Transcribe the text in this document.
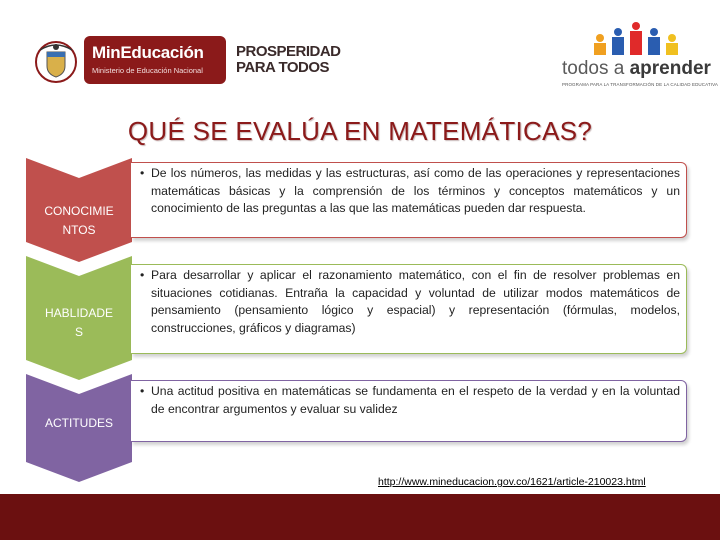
MinEducación
Ministerio de Educación Nacional
PROSPERIDAD
PARA TODOS	todos a aprender
PROGRAMA PARA LA TRANSFORMACIÓN DE LA CALIDAD EDUCATIVA
QUÉ SE EVALÚA EN MATEMÁTICAS?
CONOCIMIE
NTOS
• De los números, las medidas y las estructuras, así como de las operaciones y representaciones matemáticas básicas y la comprensión de los términos y conceptos matemáticos y un conocimiento de las preguntas a las que las matemáticas pueden dar respuesta.
HABLIDADE
S
• Para desarrollar y aplicar el razonamiento matemático, con el fin de resolver problemas en situaciones cotidianas. Entraña la capacidad y voluntad de utilizar modos matemáticos de pensamiento (pensamiento lógico y espacial) y representación (fórmulas, modelos, construcciones, gráficos y diagramas)
ACTITUDES
• Una actitud positiva en matemáticas se fundamenta en el respeto de la verdad y en la voluntad de encontrar argumentos y evaluar su validez
http://www.mineducacion.gov.co/1621/article-210023.html
